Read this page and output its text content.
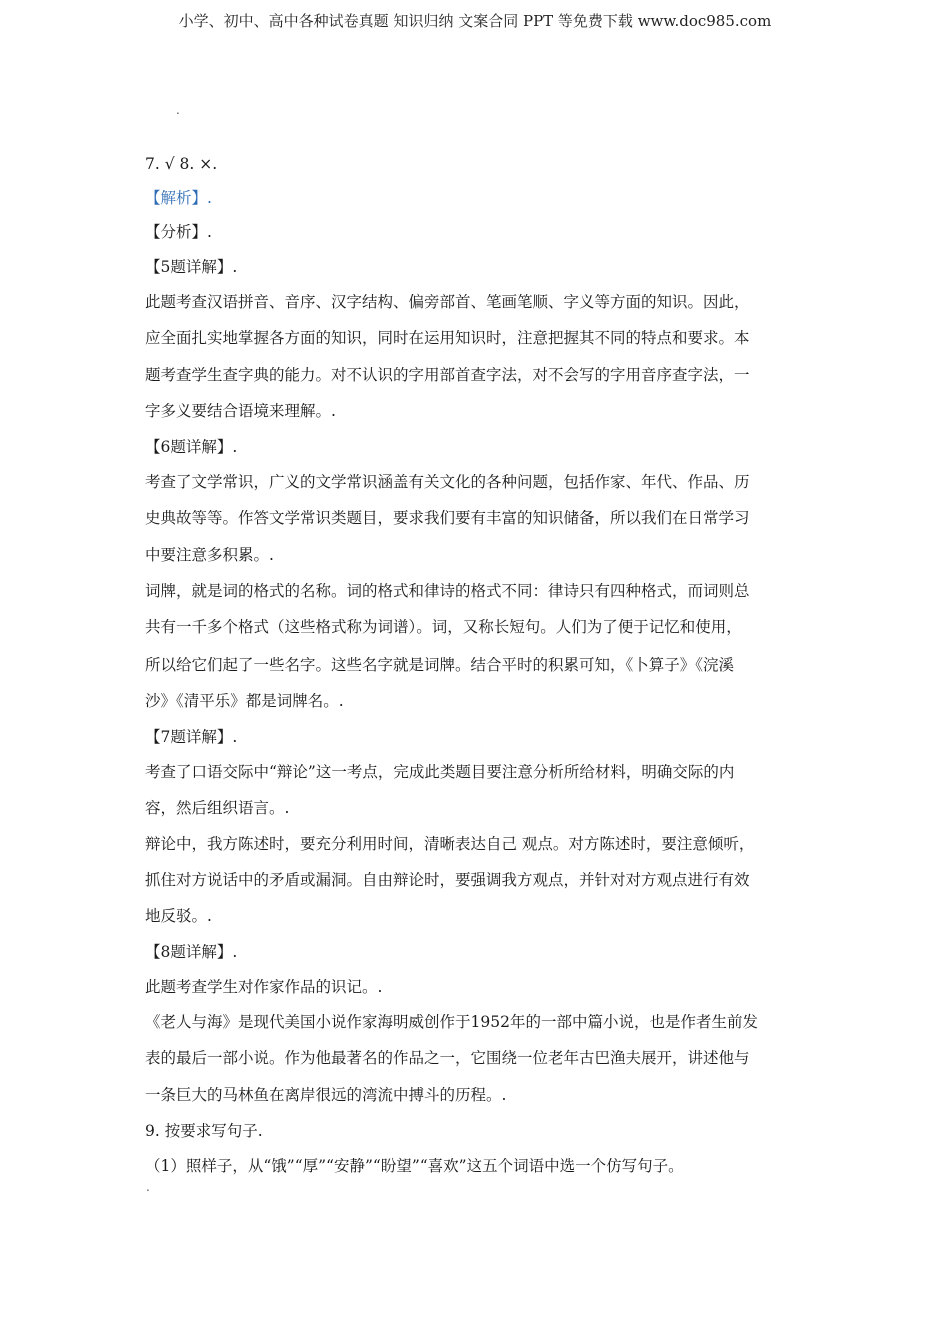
小学、初中、高中各种试卷真题 知识归纳 文案合同 PPT 等免费下载 www.doc985.com
.
7. √ 8. ×.
【解析】.
【分析】.
【5题详解】.
此题考查汉语拼音、音序、汉字结构、偏旁部首、笔画笔顺、字义等方面的知识。因此，
应全面扎实地掌握各方面的知识，同时在运用知识时，注意把握其不同的特点和要求。本
题考查学生查字典的能力。对不认识的字用部首查字法，对不会写的字用音序查字法，一
字多义要结合语境来理解。.
【6题详解】.
考查了文学常识，广义的文学常识涵盖有关文化的各种问题，包括作家、年代、作品、历
史典故等等。作答文学常识类题目，要求我们要有丰富的知识储备，所以我们在日常学习
中要注意多积累。.
词牌，就是词的格式的名称。词的格式和律诗的格式不同：律诗只有四种格式，而词则总
共有一千多个格式（这些格式称为词谱）。词，又称长短句。人们为了便于记忆和使用，
所以给它们起了一些名字。这些名字就是词牌。结合平时的积累可知，《卜算子》《浣溪
沙》《清平乐》都是词牌名。.
【7题详解】.
考查了口语交际中“辩论”这一考点，完成此类题目要注意分析所给材料，明确交际的内
容，然后组织语言。.
辩论中，我方陈述时，要充分利用时间，清晰表达自己 观点。对方陈述时，要注意倾听，
抓住对方说话中的矛盾或漏洞。自由辩论时，要强调我方观点，并针对对方观点进行有效
地反驳。.
【8题详解】.
此题考查学生对作家作品的识记。.
《老人与海》是现代美国小说作家海明威创作于1952年的一部中篇小说，也是作者生前发
表的最后一部小说。作为他最著名的作品之一，它围绕一位老年古巴渔夫展开，讲述他与
一条巨大的马林鱼在离岸很远的湾流中搏斗的历程。.
9. 按要求写句子.
（1）照样子，从“饿”“厚”“安静”“盼望”“喜欢”这五个词语中选一个仿写句子。
.
